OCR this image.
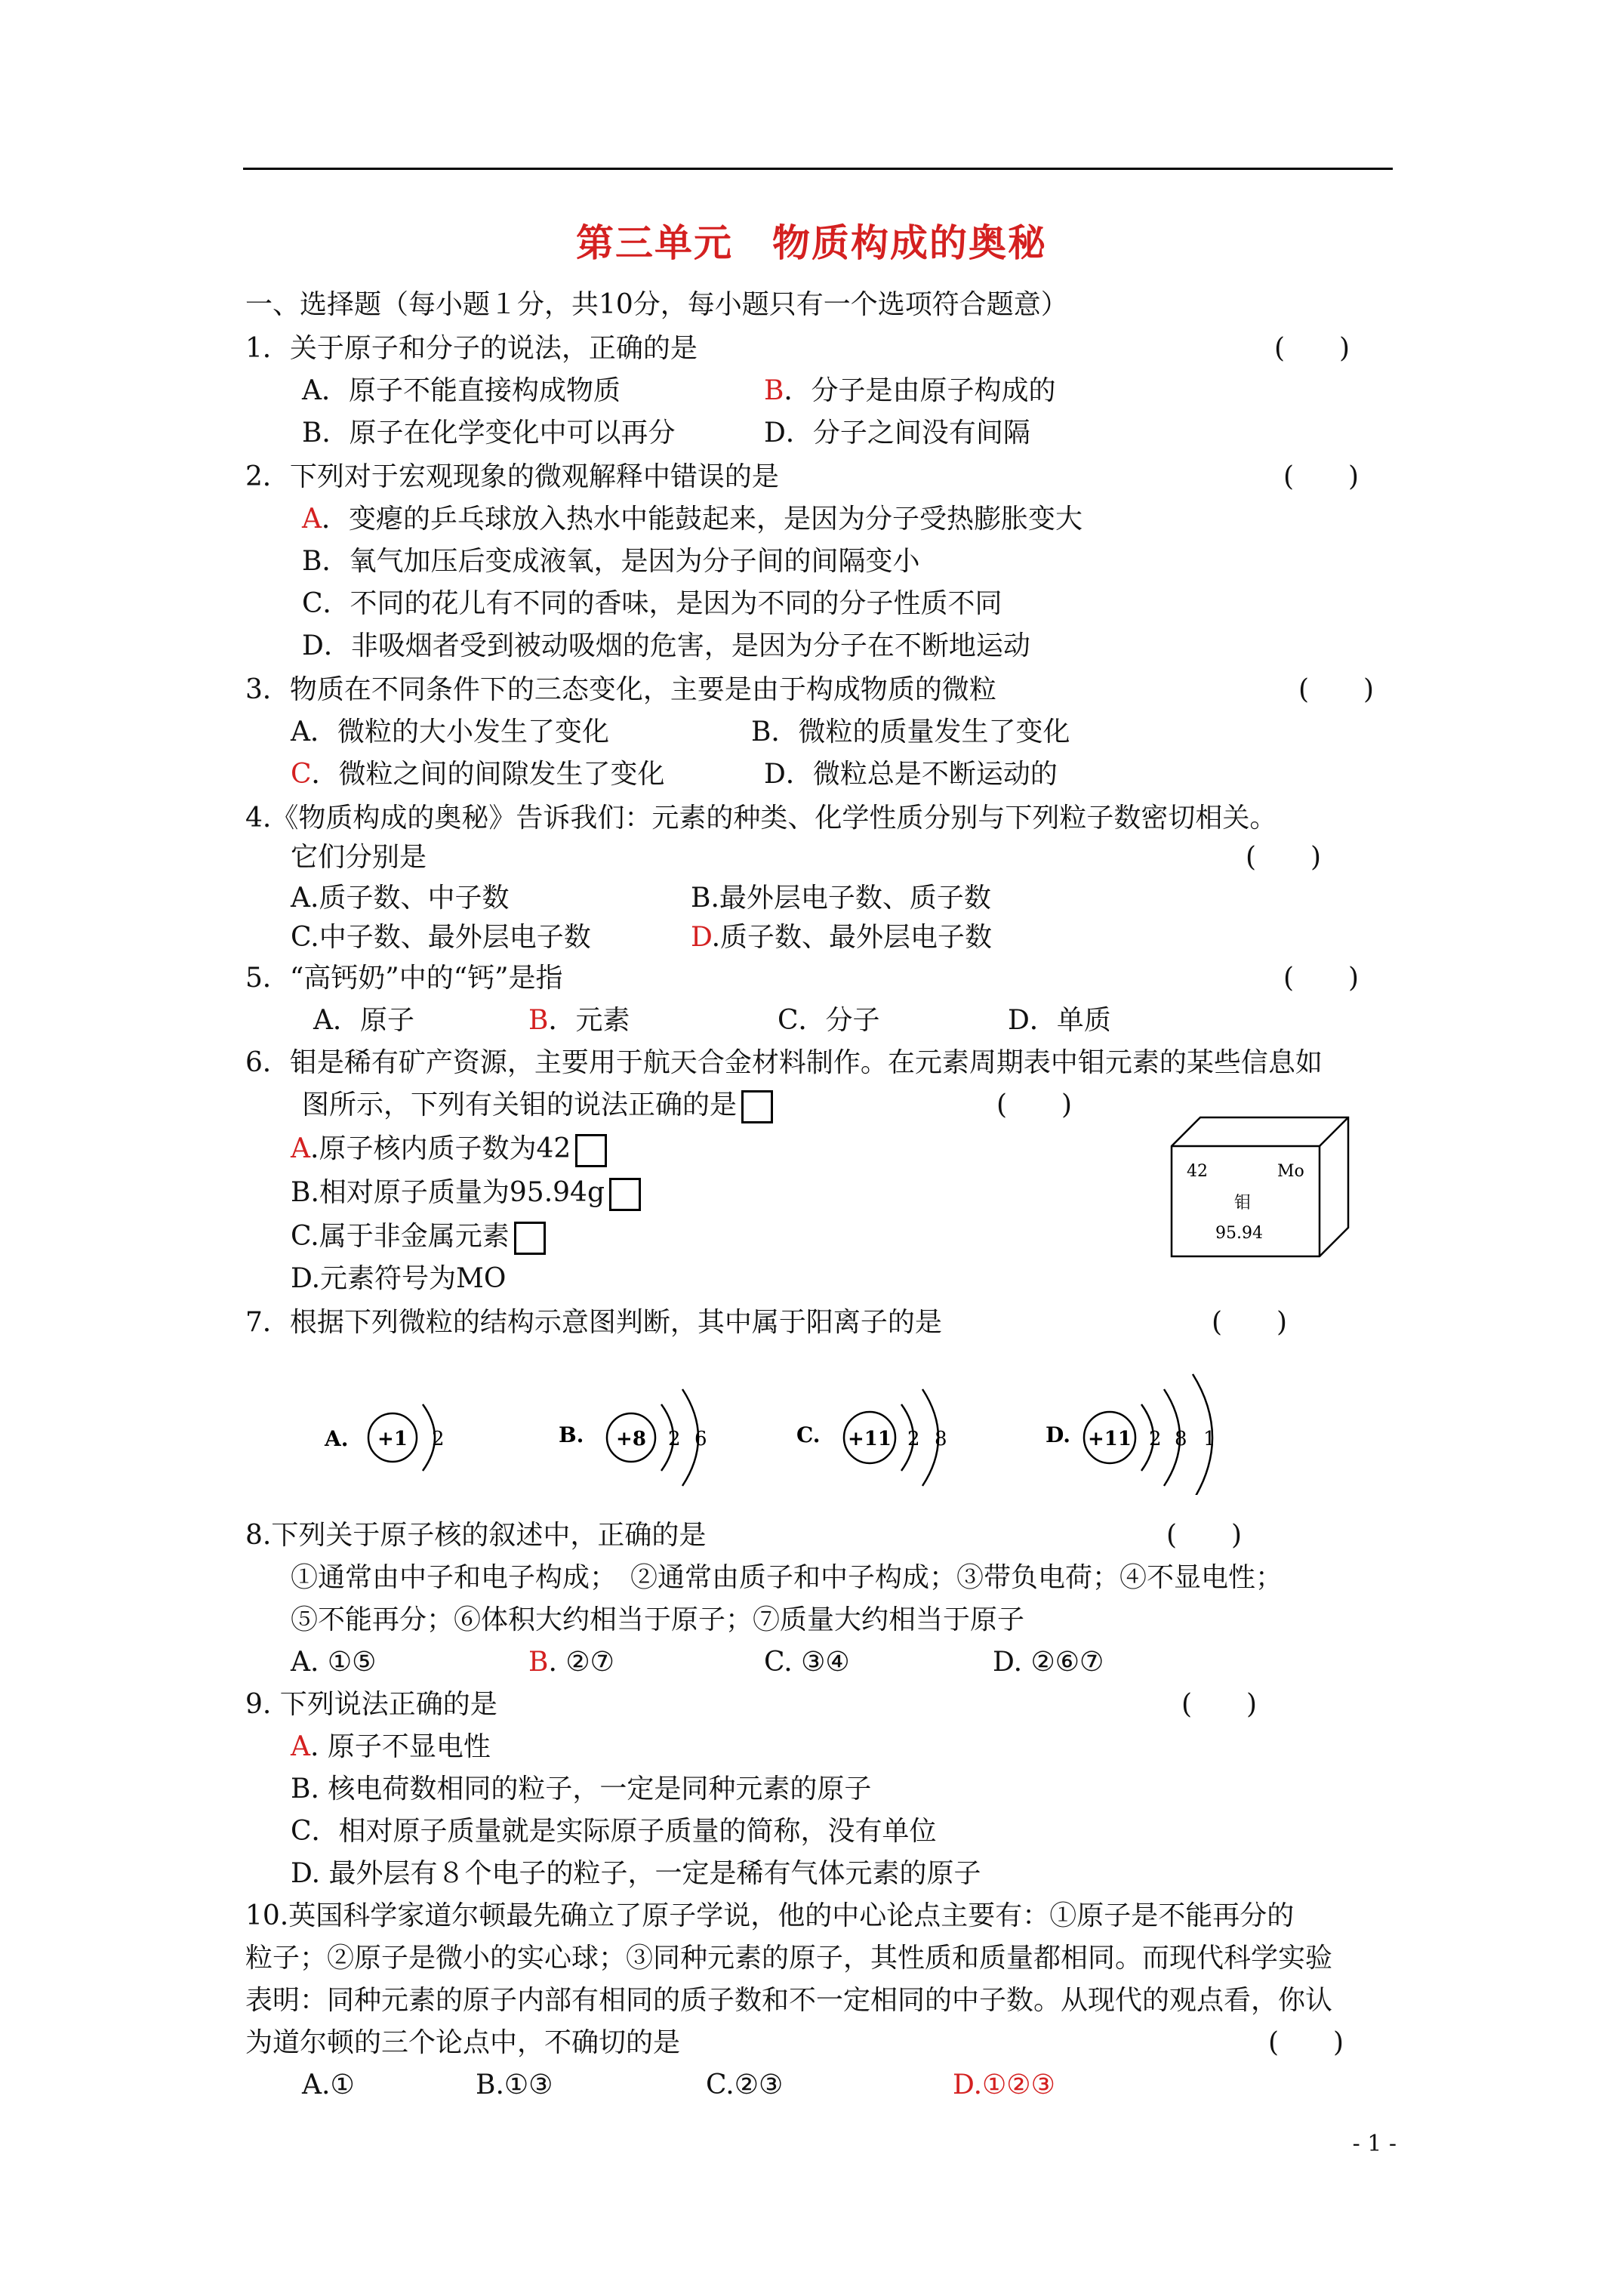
第三单元　物质构成的奥秘
一、选择题（每小题１分，共10分，每小题只有一个选项符合题意）
1．关于原子和分子的说法，正确的是	(　　)
A．原子不能直接构成物质	B．分子是由原子构成的
B．原子在化学变化中可以再分	D．分子之间没有间隔
2．下列对于宏观现象的微观解释中错误的是	(　　)
A．变瘪的乒乓球放入热水中能鼓起来，是因为分子受热膨胀变大
B．氧气加压后变成液氧，是因为分子间的间隔变小
C．不同的花儿有不同的香味，是因为不同的分子性质不同
D．非吸烟者受到被动吸烟的危害，是因为分子在不断地运动
3．物质在不同条件下的三态变化，主要是由于构成物质的微粒	(　　)
A．微粒的大小发生了变化	B．微粒的质量发生了变化
C．微粒之间的间隙发生了变化	D．微粒总是不断运动的
4.《物质构成的奥秘》告诉我们：元素的种类、化学性质分别与下列粒子数密切相关。
它们分别是	(　　)
A.质子数、中子数	B.最外层电子数、质子数
C.中子数、最外层电子数	D.质子数、最外层电子数
5．“高钙奶”中的“钙”是指	(　　)
A．原子	B．元素	C．分子	D．单质
6．钼是稀有矿产资源，主要用于航天合金材料制作。在元素周期表中钼元素的某些信息如
图所示，下列有关钼的说法正确的是	(　　)
A.原子核内质子数为42
B.相对原子质量为95.94g
C.属于非金属元素
D.元素符号为MO
42	Mo
钼
95.94
7．根据下列微粒的结构示意图判断，其中属于阳离子的是	(　　)
A. +1 2	B. +8 2 6	C. +11 2 8	D. +11 2 8 1
8.下列关于原子核的叙述中，正确的是	(　　)
①通常由中子和电子构成；　②通常由质子和中子构成；③带负电荷；④不显电性；
⑤不能再分；⑥体积大约相当于原子；⑦质量大约相当于原子
A. ①⑤	B. ②⑦	C. ③④	D. ②⑥⑦
9. 下列说法正确的是	(　　)
A. 原子不显电性
B. 核电荷数相同的粒子，一定是同种元素的原子
C．相对原子质量就是实际原子质量的简称，没有单位
D. 最外层有８个电子的粒子，一定是稀有气体元素的原子
10.英国科学家道尔顿最先确立了原子学说，他的中心论点主要有：①原子是不能再分的
粒子；②原子是微小的实心球；③同种元素的原子，其性质和质量都相同。而现代科学实验
表明：同种元素的原子内部有相同的质子数和不一定相同的中子数。从现代的观点看，你认
为道尔顿的三个论点中，不确切的是	(　　)
A.①	B.①③	C.②③	D.①②③
- 1 -
